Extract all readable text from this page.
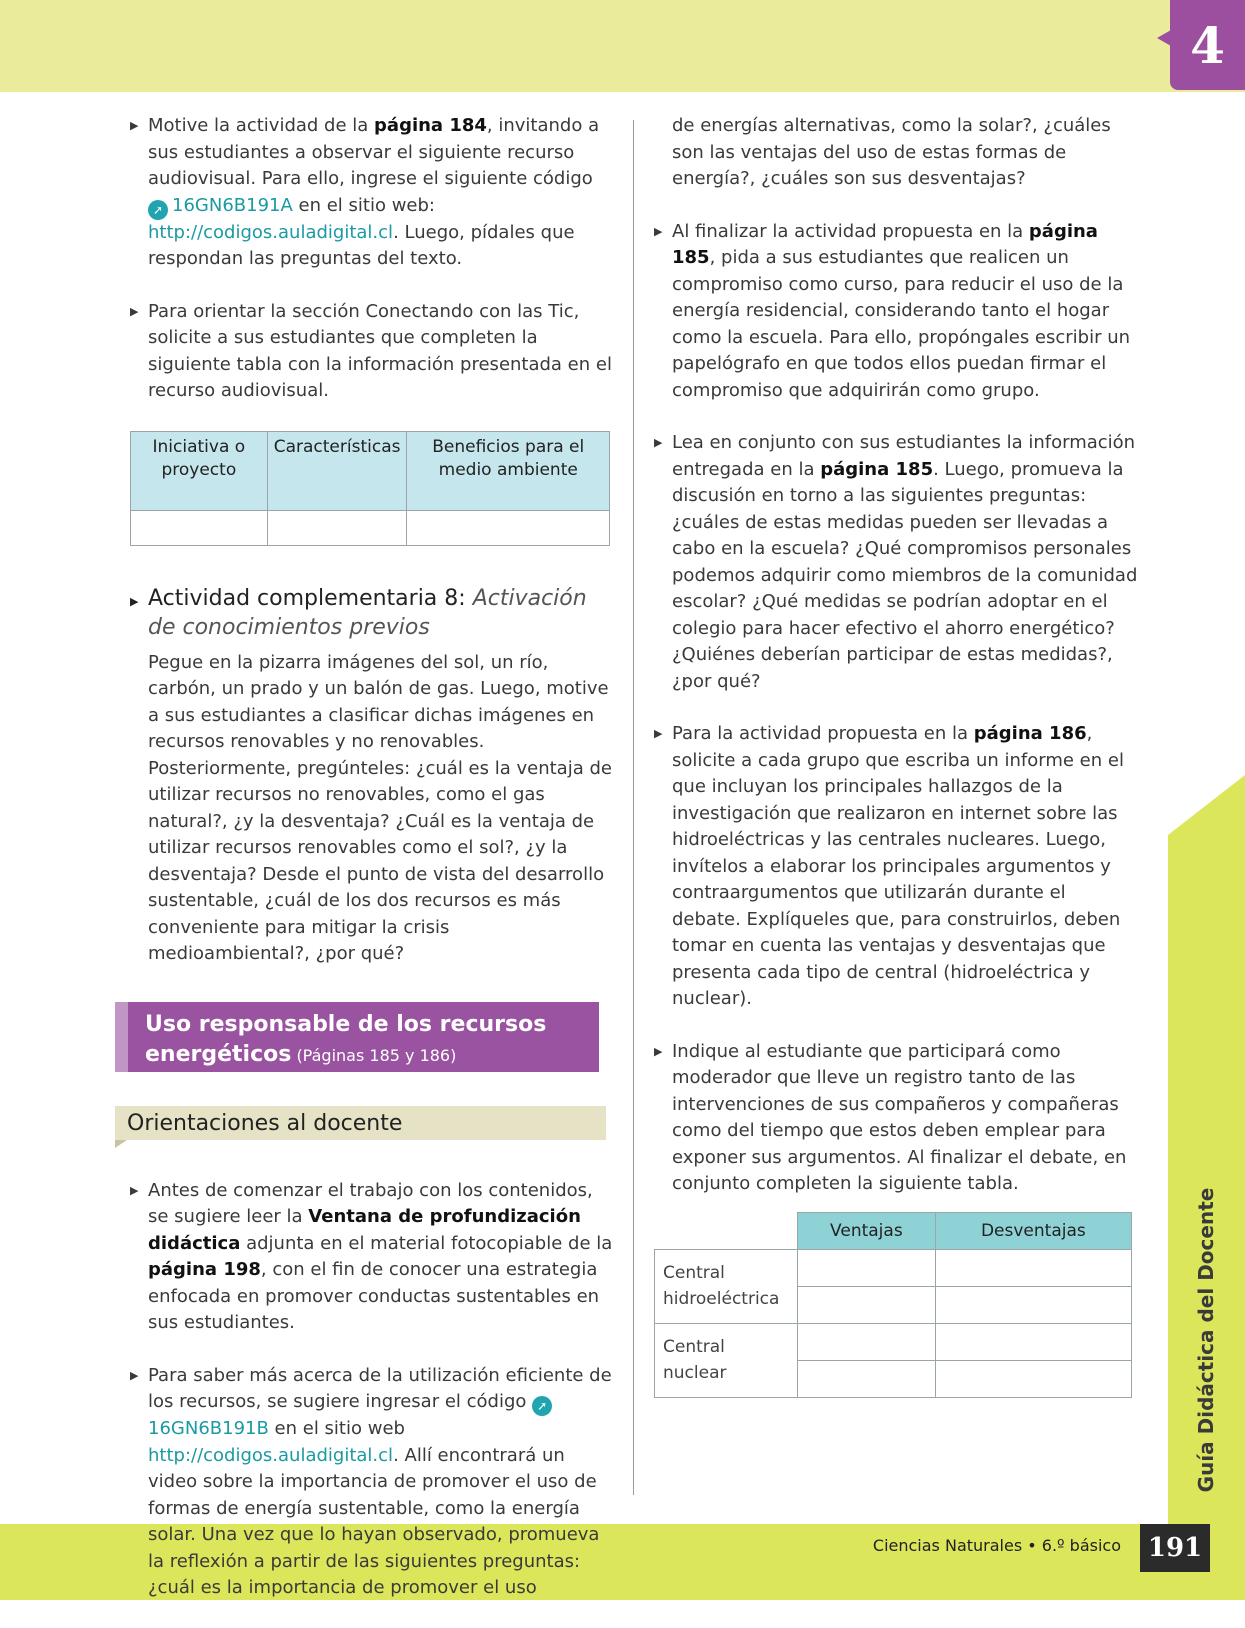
4
Guía Didáctica del Docente
Ciencias Naturales • 6.º básico	191

▶ Motive la actividad de la página 184, invitando a sus estudiantes a observar el siguiente recurso audiovisual. Para ello, ingrese el siguiente código ➚ 16GN6B191A en el sitio web: http://codigos.auladigital.cl. Luego, pídales que respondan las preguntas del texto.

▶ Para orientar la sección Conectando con las Tic, solicite a sus estudiantes que completen la siguiente tabla con la información presentada en el recurso audiovisual.

Iniciativa o proyecto	Características	Beneficios para el medio ambiente

▶ Actividad complementaria 8: Activación de conocimientos previos

Pegue en la pizarra imágenes del sol, un río, carbón, un prado y un balón de gas. Luego, motive a sus estudiantes a clasificar dichas imágenes en recursos renovables y no renovables. Posteriormente, pregúnteles: ¿cuál es la ventaja de utilizar recursos no renovables, como el gas natural?, ¿y la desventaja? ¿Cuál es la ventaja de utilizar recursos renovables como el sol?, ¿y la desventaja? Desde el punto de vista del desarrollo sustentable, ¿cuál de los dos recursos es más conveniente para mitigar la crisis medioambiental?, ¿por qué?

Uso responsable de los recursos energéticos (Páginas 185 y 186)
Orientaciones al docente

▶ Antes de comenzar el trabajo con los contenidos, se sugiere leer la Ventana de profundización didáctica adjunta en el material fotocopiable de la página 198, con el fin de conocer una estrategia enfocada en promover conductas sustentables en sus estudiantes.

▶ Para saber más acerca de la utilización eficiente de los recursos, se sugiere ingresar el código ➚16GN6B191B en el sitio web http://codigos.auladigital.cl. Allí encontrará un video sobre la importancia de promover el uso de formas de energía sustentable, como la energía solar. Una vez que lo hayan observado, promueva la reflexión a partir de las siguientes preguntas: ¿cuál es la importancia de promover el uso

de energías alternativas, como la solar?, ¿cuáles son las ventajas del uso de estas formas de energía?, ¿cuáles son sus desventajas?

▶ Al finalizar la actividad propuesta en la página 185, pida a sus estudiantes que realicen un compromiso como curso, para reducir el uso de la energía residencial, considerando tanto el hogar como la escuela. Para ello, propóngales escribir un papelógrafo en que todos ellos puedan firmar el compromiso que adquirirán como grupo.

▶ Lea en conjunto con sus estudiantes la información entregada en la página 185. Luego, promueva la discusión en torno a las siguientes preguntas: ¿cuáles de estas medidas pueden ser llevadas a cabo en la escuela? ¿Qué compromisos personales podemos adquirir como miembros de la comunidad escolar? ¿Qué medidas se podrían adoptar en el colegio para hacer efectivo el ahorro energético? ¿Quiénes deberían participar de estas medidas?, ¿por qué?

▶ Para la actividad propuesta en la página 186, solicite a cada grupo que escriba un informe en el que incluyan los principales hallazgos de la investigación que realizaron en internet sobre las hidroeléctricas y las centrales nucleares. Luego, invítelos a elaborar los principales argumentos y contraargumentos que utilizarán durante el debate. Explíqueles que, para construirlos, deben tomar en cuenta las ventajas y desventajas que presenta cada tipo de central (hidroeléctrica y nuclear).

▶ Indique al estudiante que participará como moderador que lleve un registro tanto de las intervenciones de sus compañeros y compañeras como del tiempo que estos deben emplear para exponer sus argumentos. Al finalizar el debate, en conjunto completen la siguiente tabla.

	Ventajas	Desventajas
Central hidroeléctrica		

Central nuclear		
